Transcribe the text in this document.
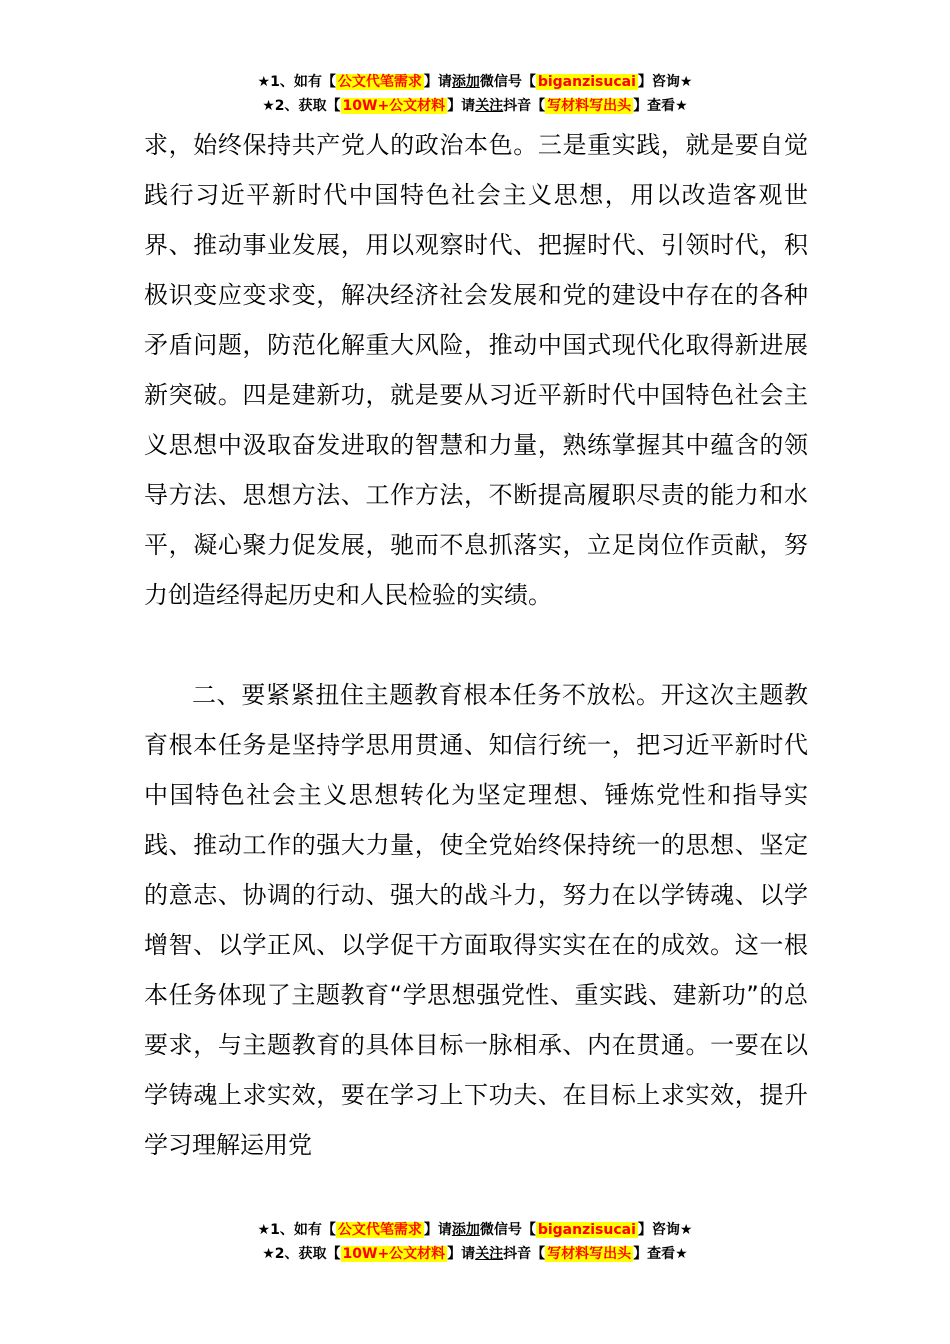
★1、如有【 公文代笔需求 】请添加微信号【 biganzisucai 】咨询★
★2、获取【 10W+公文材料 】请关注抖音【 写材料写出头 】查看★

求，始终保持共产党人的政治本色。三是重实践，就是要自觉践行习近平新时代中国特色社会主义思想，用以改造客观世界、推动事业发展，用以观察时代、把握时代、引领时代，积极识变应变求变，解决经济社会发展和党的建设中存在的各种矛盾问题，防范化解重大风险，推动中国式现代化取得新进展新突破。四是建新功，就是要从习近平新时代中国特色社会主义思想中汲取奋发进取的智慧和力量，熟练掌握其中蕴含的领导方法、思想方法、工作方法，不断提高履职尽责的能力和水平，凝心聚力促发展，驰而不息抓落实，立足岗位作贡献，努力创造经得起历史和人民检验的实绩。

二、要紧紧扭住主题教育根本任务不放松。开这次主题教育根本任务是坚持学思用贯通、知信行统一，把习近平新时代中国特色社会主义思想转化为坚定理想、锤炼党性和指导实践、推动工作的强大力量，使全党始终保持统一的思想、坚定的意志、协调的行动、强大的战斗力，努力在以学铸魂、以学增智、以学正风、以学促干方面取得实实在在的成效。这一根本任务体现了主题教育“学思想强党性、重实践、建新功”的总要求，与主题教育的具体目标一脉相承、内在贯通。一要在以学铸魂上求实效，要在学习上下功夫、在目标上求实效，提升学习理解运用党

★1、如有【 公文代笔需求 】请添加微信号【 biganzisucai 】咨询★
★2、获取【 10W+公文材料 】请关注抖音【 写材料写出头 】查看★
